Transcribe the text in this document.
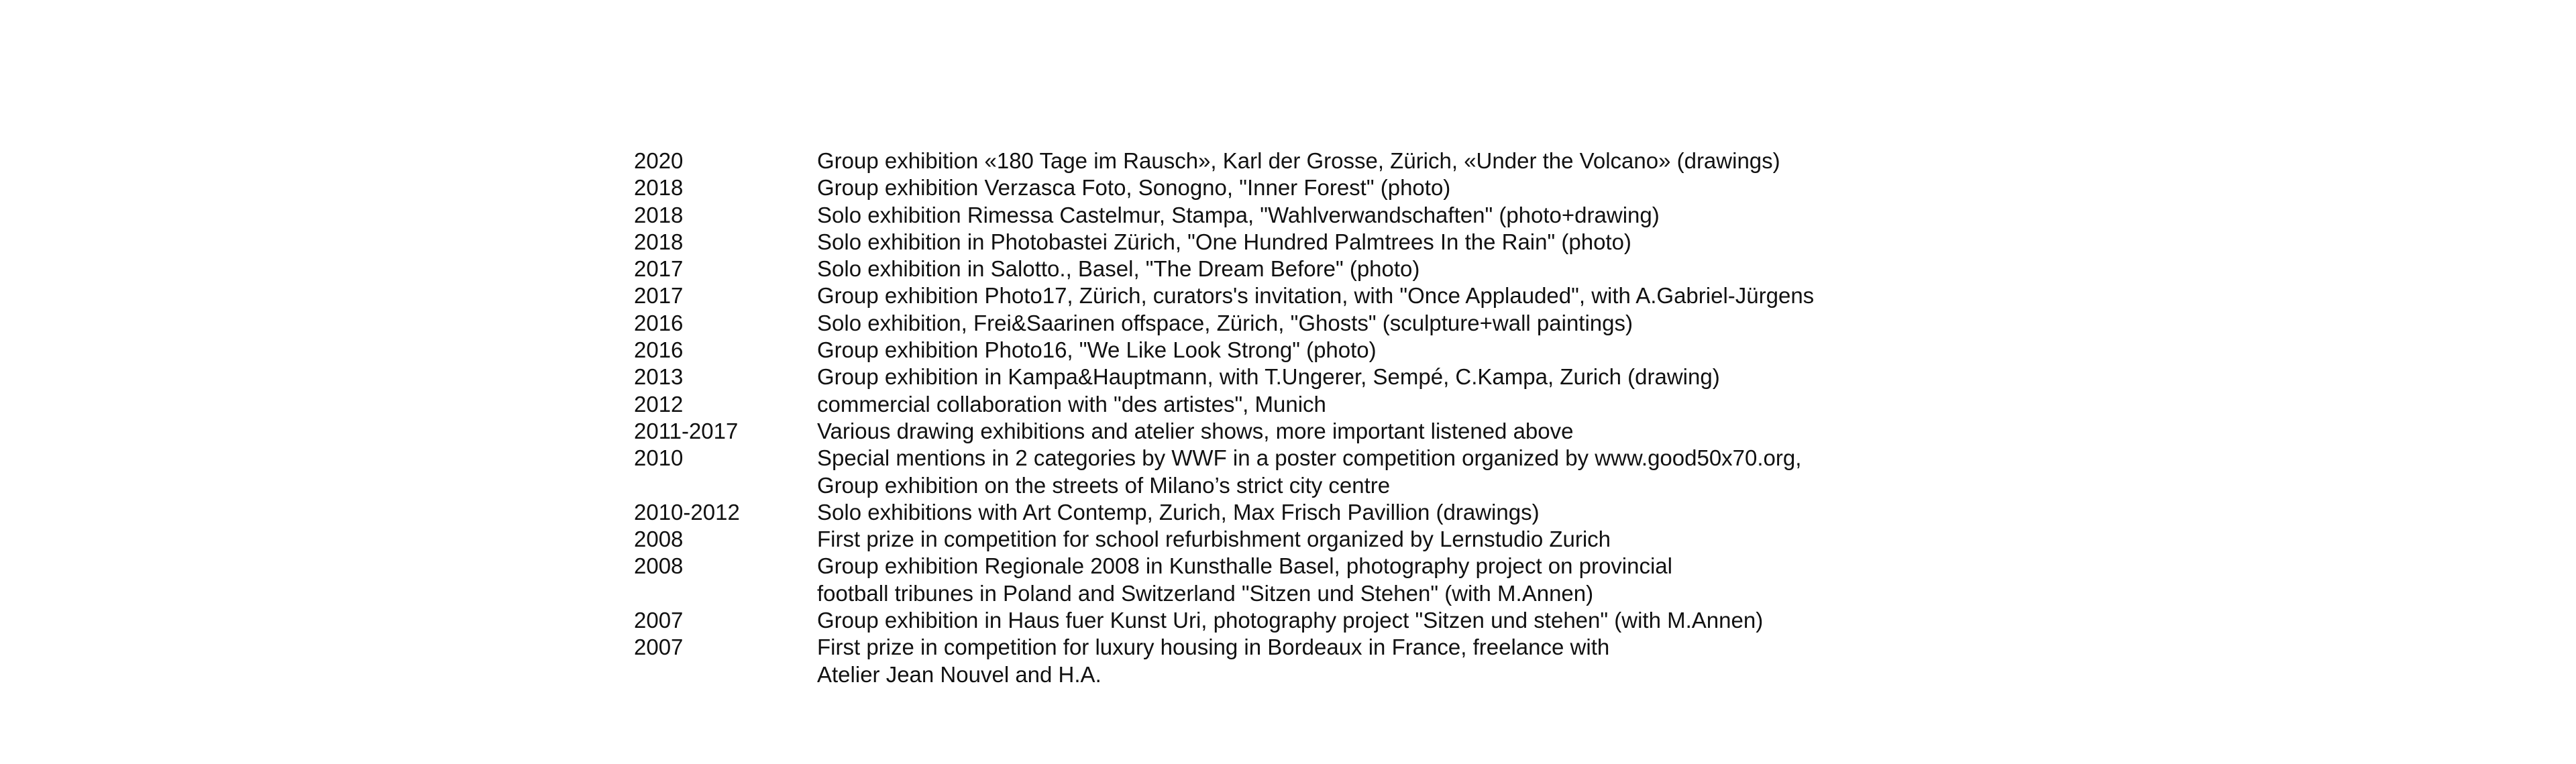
2020	Group exhibition «180 Tage im Rausch», Karl der Grosse, Zürich, «Under the Volcano» (drawings)
2018	Group exhibition Verzasca Foto, Sonogno, "Inner Forest" (photo)
2018	Solo exhibition Rimessa Castelmur, Stampa, "Wahlverwandschaften" (photo+drawing)
2018	Solo exhibition in Photobastei Zürich, "One Hundred Palmtrees In the Rain" (photo)
2017	Solo exhibition in Salotto., Basel, "The Dream Before" (photo)
2017	Group exhibition Photo17, Zürich, curators's invitation, with "Once Applauded", with A.Gabriel-Jürgens
2016	Solo exhibition, Frei&Saarinen offspace, Zürich, "Ghosts" (sculpture+wall paintings)
2016	Group exhibition Photo16, "We Like Look Strong" (photo)
2013	Group exhibition in Kampa&Hauptmann, with T.Ungerer, Sempé, C.Kampa, Zurich (drawing)
2012	commercial collaboration with "des artistes", Munich
2011-2017	Various drawing exhibitions and atelier shows, more important listened above
2010	Special mentions in 2 categories by WWF in a poster competition organized by www.good50x70.org,
Group exhibition on the streets of Milano’s strict city centre
2010-2012	Solo exhibitions with Art Contemp, Zurich, Max Frisch Pavillion (drawings)
2008	First prize in competition for school refurbishment organized by Lernstudio Zurich
2008	Group exhibition Regionale 2008 in Kunsthalle Basel, photography project on provincial
football tribunes in Poland and Switzerland "Sitzen und Stehen" (with M.Annen)
2007	Group exhibition in Haus fuer Kunst Uri, photography project "Sitzen und stehen" (with M.Annen)
2007	First prize in competition for luxury housing in Bordeaux in France, freelance with
Atelier Jean Nouvel and H.A.
